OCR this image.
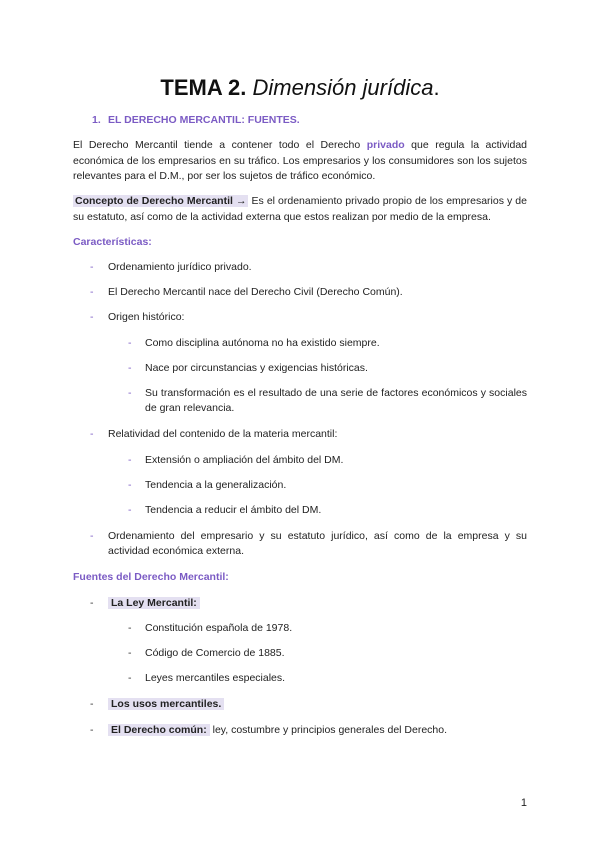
TEMA 2. Dimensión jurídica.
1. EL DERECHO MERCANTIL: FUENTES.
El Derecho Mercantil tiende a contener todo el Derecho privado que regula la actividad económica de los empresarios en su tráfico. Los empresarios y los consumidores son los sujetos relevantes para el D.M., por ser los sujetos de tráfico económico.
Concepto de Derecho Mercantil → Es el ordenamiento privado propio de los empresarios y de su estatuto, así como de la actividad externa que estos realizan por medio de la empresa.
Características:
- Ordenamiento jurídico privado.
- El Derecho Mercantil nace del Derecho Civil (Derecho Común).
- Origen histórico:
- Como disciplina autónoma no ha existido siempre.
- Nace por circunstancias y exigencias históricas.
- Su transformación es el resultado de una serie de factores económicos y sociales de gran relevancia.
- Relatividad del contenido de la materia mercantil:
- Extensión o ampliación del ámbito del DM.
- Tendencia a la generalización.
- Tendencia a reducir el ámbito del DM.
- Ordenamiento del empresario y su estatuto jurídico, así como de la empresa y su actividad económica externa.
Fuentes del Derecho Mercantil:
- La Ley Mercantil:
- Constitución española de 1978.
- Código de Comercio de 1885.
- Leyes mercantiles especiales.
- Los usos mercantiles.
- El Derecho común: ley, costumbre y principios generales del Derecho.
1
